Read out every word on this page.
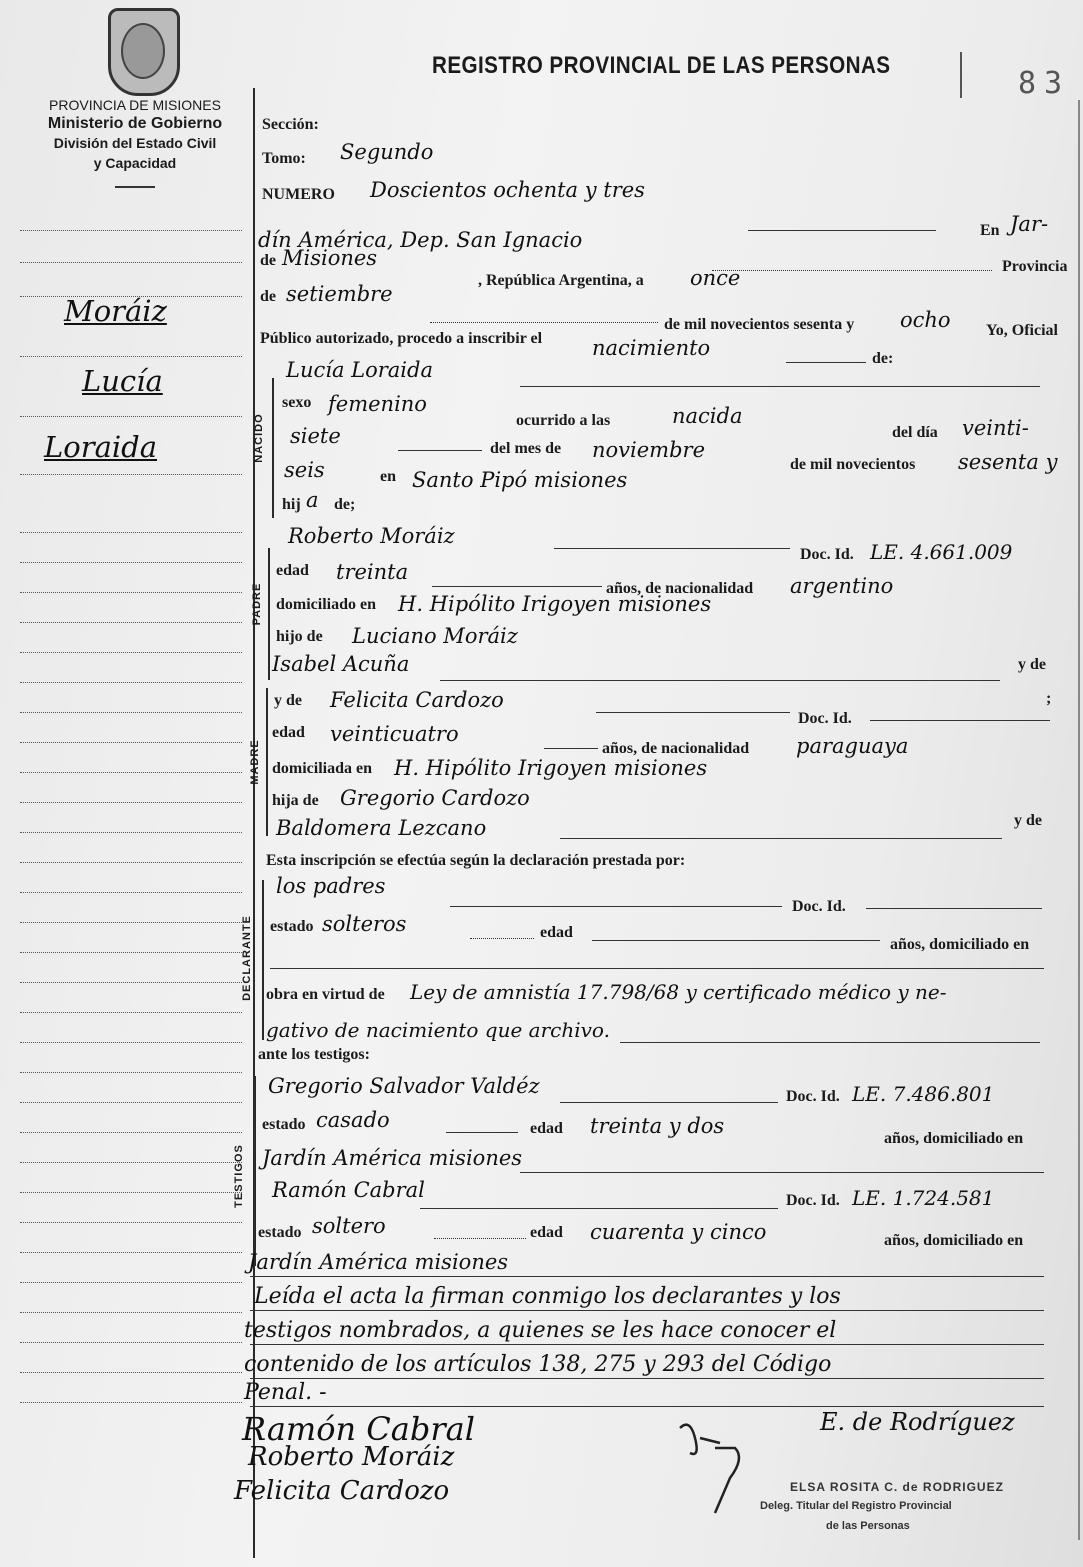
PROVINCIA DE MISIONES
Ministerio de Gobierno
División del Estado Civil
y Capacidad
REGISTRO PROVINCIAL DE LAS PERSONAS
83
Moráiz
Lucía
Loraida
Sección:
Tomo: Segundo
NUMERO Doscientos ochenta y tres
En Jar-
dín América, Dep. San Ignacio
Provincia
de Misiones
, República Argentina, a once
de setiembre
de mil novecientos sesenta y ocho Yo, Oficial
Público autorizado, procedo a inscribir el nacimiento	de:
NACIDO
Lucía Loraida
sexo femenino
ocurrido a las	nacida
del día veinti-
siete
del mes de noviembre
de mil novecientos sesenta y
seis	en Santo Pipó misiones
hij a de;
PADRE
Roberto Moráiz
Doc. Id. LE. 4.661.009
edad treinta
años, de nacionalidad argentino
domiciliado en H. Hipólito Irigoyen misiones
hijo de Luciano Moráiz
Isabel Acuña	y de
;
MADRE
y de Felicita Cardozo
Doc. Id.
edad veinticuatro
años, de nacionalidad paraguaya
domiciliada en H. Hipólito Irigoyen misiones
hija de Gregorio Cardozo
Baldomera Lezcano	y de
Esta inscripción se efectúa según la declaración prestada por:
DECLARANTE
los padres
Doc. Id.
estado solteros	edad
años, domiciliado en
obra en virtud de Ley de amnistía 17.798/68 y certificado médico y ne-
gativo de nacimiento que archivo.
ante los testigos:
TESTIGOS
Gregorio Salvador Valdéz	Doc. Id. LE. 7.486.801
estado casado	edad treinta y dos
años, domiciliado en
Jardín América misiones
Ramón Cabral	Doc. Id. LE. 1.724.581
estado soltero	edad cuarenta y cinco	años, domiciliado en
Jardín América misiones
Leída el acta la firman conmigo los declarantes y los
testigos nombrados, a quienes se les hace conocer el
contenido de los artículos 138, 275 y 293 del Código
Penal. -
Ramón Cabral
Roberto Moráiz
Felicita Cardozo
E. de Rodríguez
ELSA ROSITA C. de RODRIGUEZ
Deleg. Titular del Registro Provincial
de las Personas
